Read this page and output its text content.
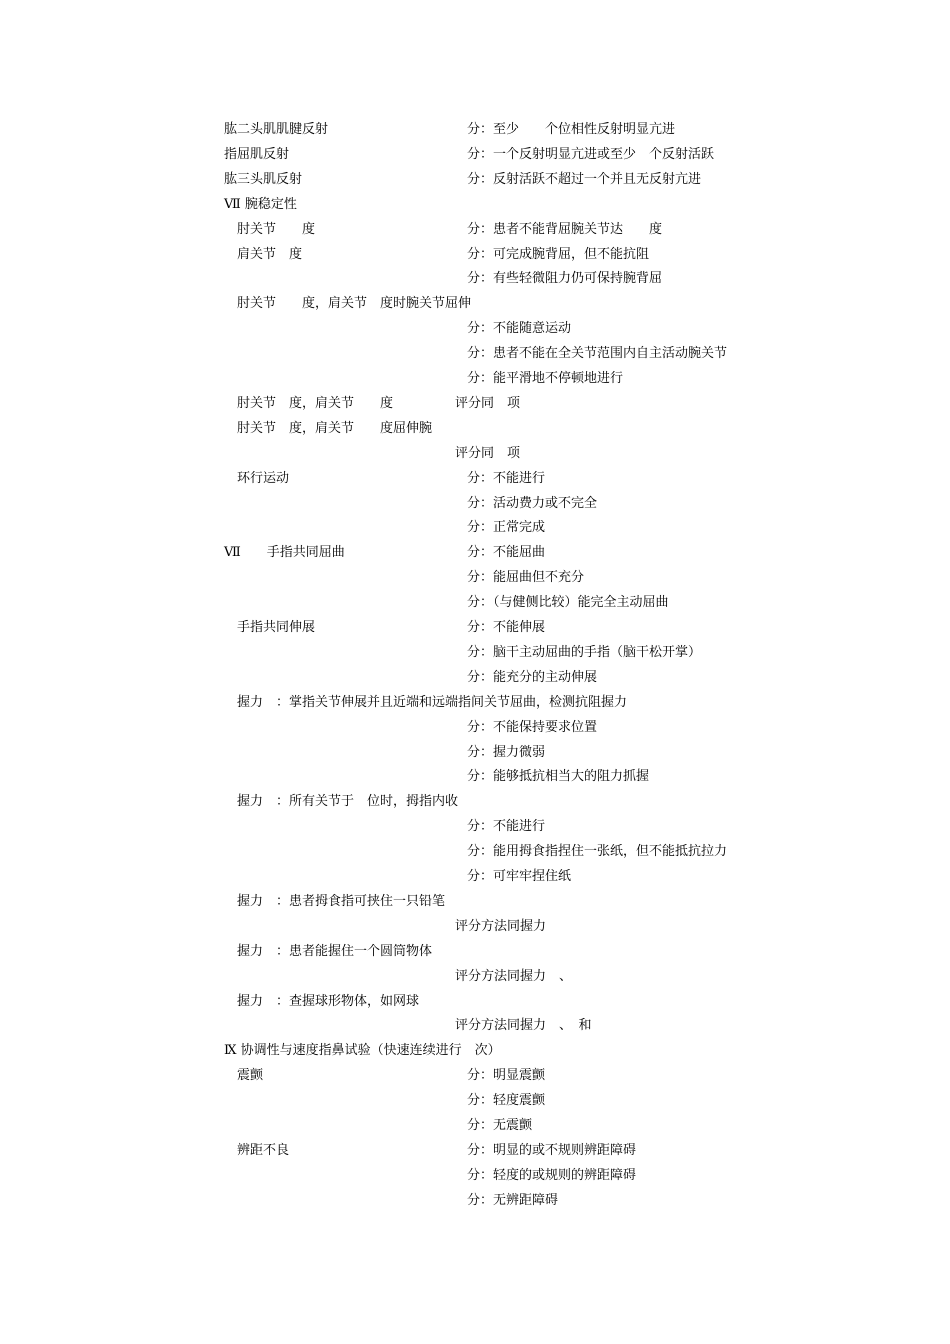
肱二头肌肌腱反射	分：至少　　个位相性反射明显亢进
指屈肌反射	分：一个反射明显亢进或至少　个反射活跃
肱三头肌反射	分：反射活跃不超过一个并且无反射亢进
Ⅶ 腕稳定性
　肘关节　　度	分：患者不能背屈腕关节达　　度
　肩关节　度	分：可完成腕背屈，但不能抗阻
分：有些轻微阻力仍可保持腕背屈
　肘关节　　度，肩关节　度时腕关节屈伸
分：不能随意运动
分：患者不能在全关节范围内自主活动腕关节
分：能平滑地不停顿地进行
　肘关节　度，肩关节　　度	评分同　项
　肘关节　度，肩关节　　度屈伸腕
评分同　项
　环行运动	分：不能进行
分：活动费力或不完全
分：正常完成
Ⅶ　　手指共同屈曲	分：不能屈曲
分：能屈曲但不充分
分：（与健侧比较）能完全主动屈曲
　手指共同伸展	分：不能伸展
分：脑干主动屈曲的手指（脑干松开掌）
分：能充分的主动伸展
　握力　：掌指关节伸展并且近端和远端指间关节屈曲，检测抗阻握力
分：不能保持要求位置
分：握力微弱
分：能够抵抗相当大的阻力抓握
　握力　：所有关节于　位时，拇指内收
分：不能进行
分：能用拇食指捏住一张纸，但不能抵抗拉力
分：可牢牢捏住纸
　握力　：患者拇食指可挟住一只铅笔
评分方法同握力
　握力　：患者能握住一个圆筒物体
评分方法同握力　、
　握力　：查握球形物体，如网球
评分方法同握力　、　和
Ⅸ 协调性与速度指鼻试验（快速连续进行　次）
　震颤	分：明显震颤
分：轻度震颤
分：无震颤
　辨距不良	分：明显的或不规则辨距障碍
分：轻度的或规则的辨距障碍
分：无辨距障碍
